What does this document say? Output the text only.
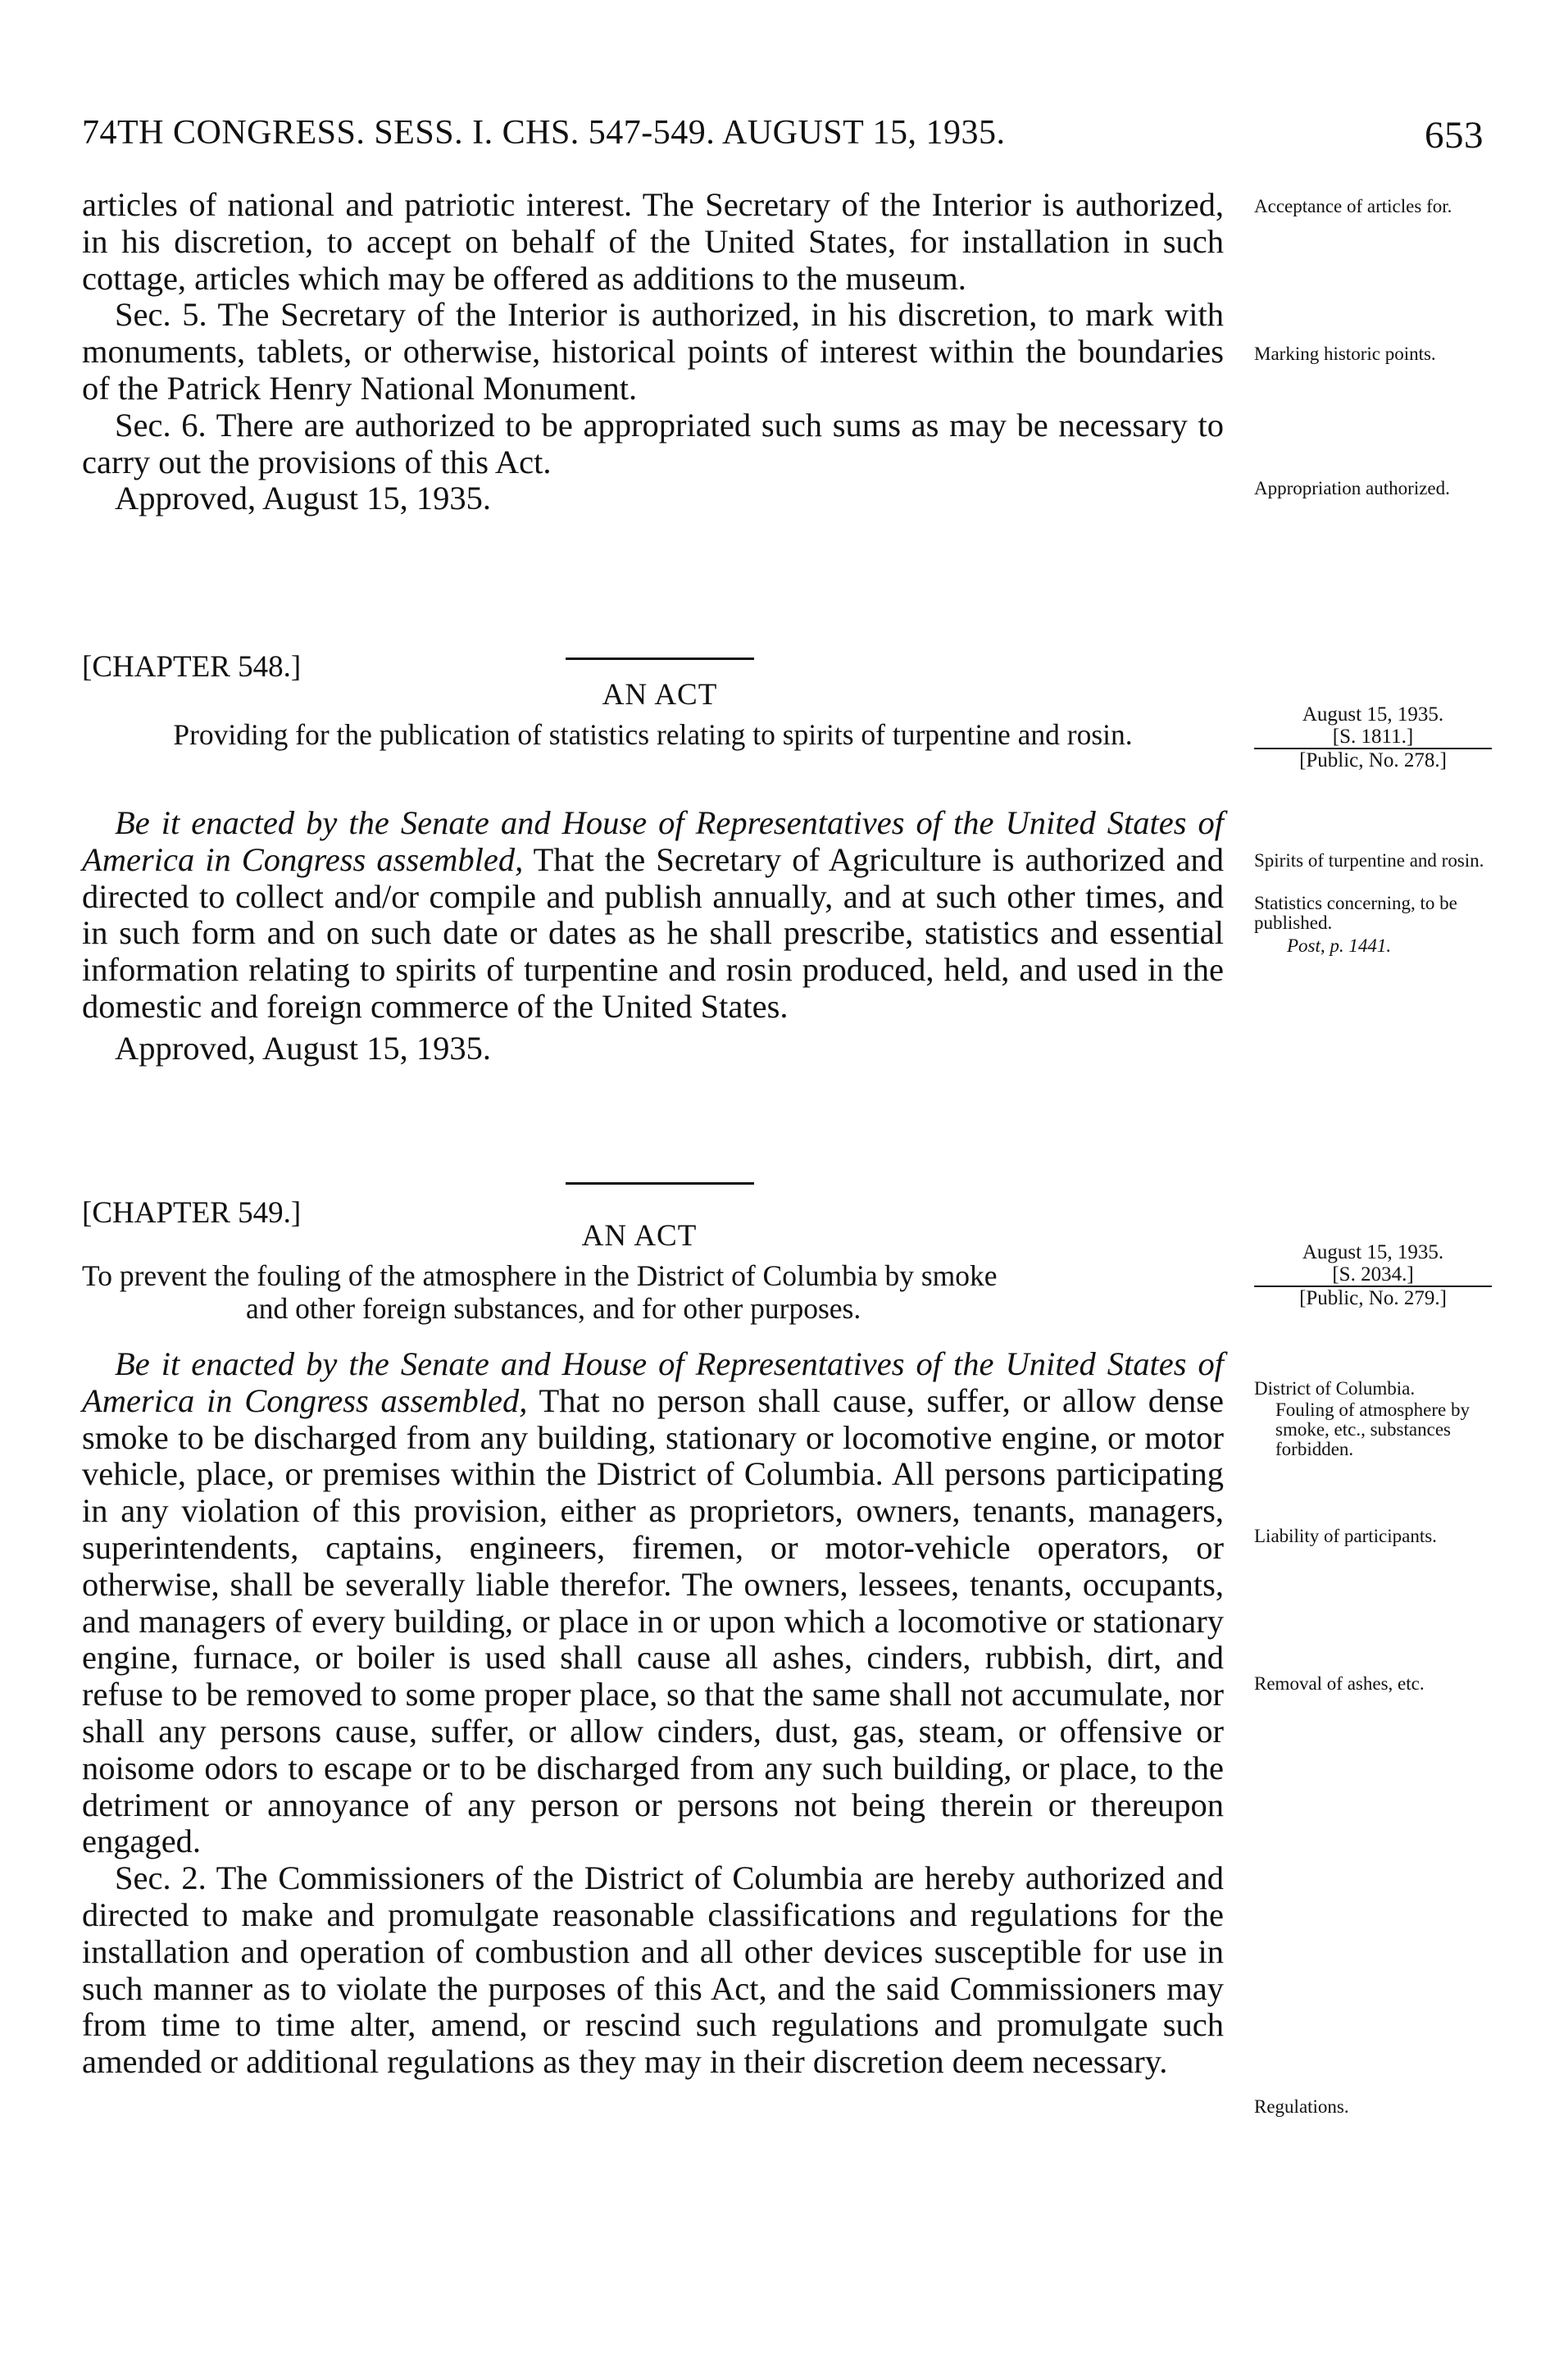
74TH CONGRESS. SESS. I. CHS. 547-549. AUGUST 15, 1935.	653

articles of national and patriotic interest. The Secretary of the Interior is authorized, in his discretion, to accept on behalf of the United States, for installation in such cottage, articles which may be offered as additions to the museum.

Sec. 5. The Secretary of the Interior is authorized, in his discretion, to mark with monuments, tablets, or otherwise, historical points of interest within the boundaries of the Patrick Henry National Monument.

Sec. 6. There are authorized to be appropriated such sums as may be necessary to carry out the provisions of this Act.

Approved, August 15, 1935.
Acceptance of articles for.
Marking historic points.
Appropriation authorized.
[CHAPTER 548.]
AN ACT
Providing for the publication of statistics relating to spirits of turpentine and rosin.
August 15, 1935.

[S. 1811.]
[Public, No. 278.]

Be it enacted by the Senate and House of Representatives of the United States of America in Congress assembled, That the Secretary of Agriculture is authorized and directed to collect and/or compile and publish annually, and at such other times, and in such form and on such date or dates as he shall prescribe, statistics and essential information relating to spirits of turpentine and rosin produced, held, and used in the domestic and foreign commerce of the United States.

Approved, August 15, 1935.
Spirits of turpentine and rosin.
Statistics concerning, to be published.
Post, p. 1441.
[CHAPTER 549.]
AN ACT
To prevent the fouling of the atmosphere in the District of Columbia by smoke
and other foreign substances, and for other purposes.
August 15, 1935.

[S. 2034.]
[Public, No. 279.]

Be it enacted by the Senate and House of Representatives of the United States of America in Congress assembled, That no person shall cause, suffer, or allow dense smoke to be discharged from any building, stationary or locomotive engine, or motor vehicle, place, or premises within the District of Columbia. All persons participating in any violation of this provision, either as proprietors, owners, tenants, managers, superintendents, captains, engineers, firemen, or motor-vehicle operators, or otherwise, shall be severally liable therefor. The owners, lessees, tenants, occupants, and managers of every building, or place in or upon which a locomotive or stationary engine, furnace, or boiler is used shall cause all ashes, cinders, rubbish, dirt, and refuse to be removed to some proper place, so that the same shall not accumulate, nor shall any persons cause, suffer, or allow cinders, dust, gas, steam, or offensive or noisome odors to escape or to be discharged from any such building, or place, to the detriment or annoyance of any person or persons not being therein or thereupon engaged.

Sec. 2. The Commissioners of the District of Columbia are hereby authorized and directed to make and promulgate reasonable classifications and regulations for the installation and operation of combustion and all other devices susceptible for use in such manner as to violate the purposes of this Act, and the said Commissioners may from time to time alter, amend, or rescind such regulations and promulgate such amended or additional regulations as they may in their discretion deem necessary.

District of Columbia.
Fouling of atmosphere by smoke, etc., substances forbidden.
Liability of participants.
Removal of ashes, etc.
Regulations.
